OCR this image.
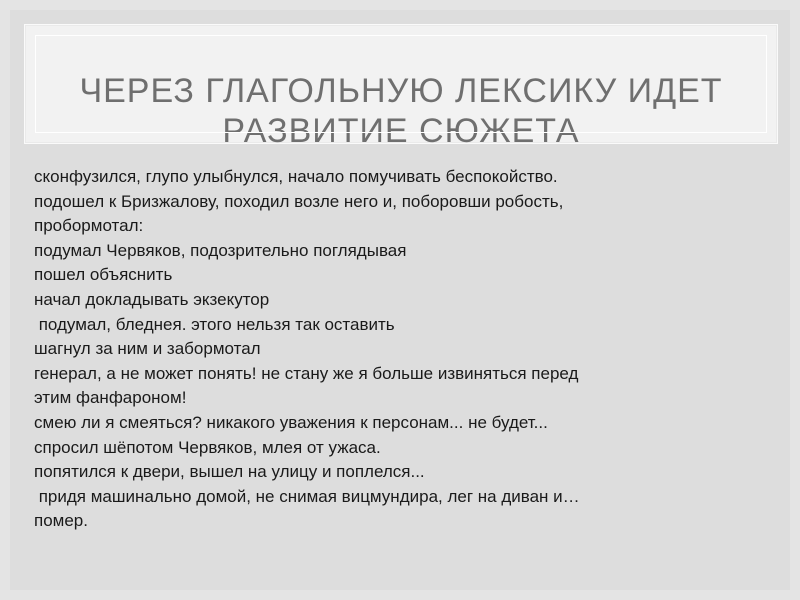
ЧЕРЕЗ ГЛАГОЛЬНУЮ ЛЕКСИКУ ИДЕТ
РАЗВИТИЕ СЮЖЕТА
сконфузился, глупо улыбнулся, начало помучивать беспокойство.
подошел к Бризжалову, походил возле него и, поборовши робость,
пробормотал:
подумал Червяков, подозрительно поглядывая
пошел объяснить
начал докладывать экзекутор
подумал, бледнея. этого нельзя так оставить
шагнул за ним и забормотал
генерал, а не может понять! не стану же я больше извиняться перед
этим фанфароном!
смею ли я смеяться? никакого уважения к персонам... не будет...
спросил шёпотом Червяков, млея от ужаса.
попятился к двери, вышел на улицу и поплелся...
придя машинально домой, не снимая вицмундира, лег на диван и…
помер.
